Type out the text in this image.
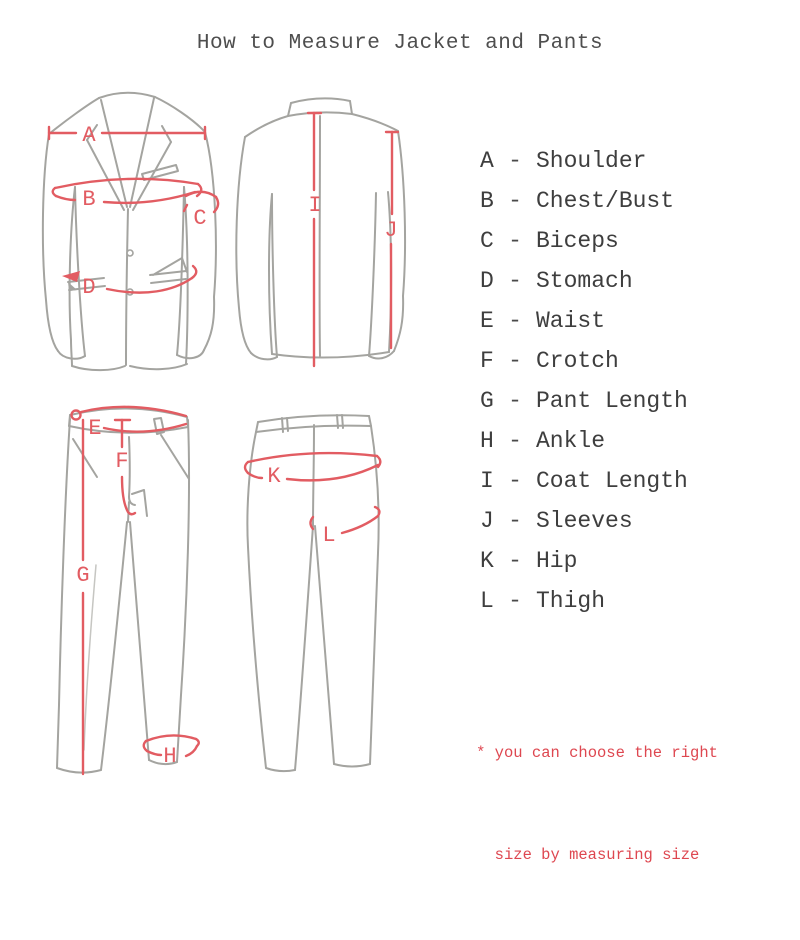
How to Measure Jacket and Pants
A
B
C
D
I
J
E
F
G
H
K
L
A - Shoulder
B - Chest/Bust
C - Biceps
D - Stomach
E - Waist
F - Crotch
G - Pant Length
H - Ankle
I - Coat Length
J - Sleeves
K - Hip
L - Thigh

* you can choose the right

size by measuring size
